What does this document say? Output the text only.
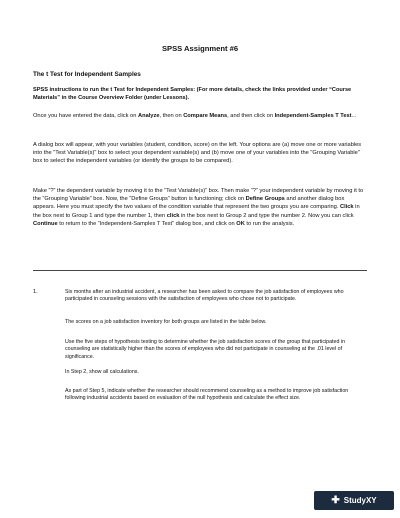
SPSS Assignment #6
The t Test for Independent Samples
SPSS instructions to run the t Test for Independent Samples: (For more details, check the links provided under “Course Materials” in the Course Overview Folder (under Lessons).
Once you have entered the data, click on Analyze, then on Compare Means, and then click on Independent-Samples T Test...
A dialog box will appear, with your variables (student, condition, score) on the left. Your options are (a) move one or more variables into the "Test Variable(s)" box to select your dependent variable(s) and (b) move one of your variables into the "Grouping Variable" box to select the independent variables (or identify the groups to be compared).
Make “?” the dependent variable by moving it to the “Test Variable(s)” box. Then make “?” your independent variable by moving it to the “Grouping Variable” box. Now, the “Define Groups” button is functioning; click on Define Groups and another dialog box appears. Here you must specify the two values of the condition variable that represent the two groups you are comparing. Click in the box next to Group 1 and type the number 1, then click in the box next to Group 2 and type the number 2. Now you can click Continue to return to the “Independent-Samples T Test” dialog box, and click on OK to run the analysis.
1.	Six months after an industrial accident, a researcher has been asked to compare the job satisfaction of employees who participated in counseling sessions with the satisfaction of employees who chose not to participate.
The scores on a job satisfaction inventory for both groups are listed in the table below.
Use the five steps of hypothesis testing to determine whether the job satisfaction scores of the group that participated in counseling are statistically higher than the scores of employees who did not participate in counseling at the .01 level of significance.
In Step 2, show all calculations.
As part of Step 5, indicate whether the researcher should recommend counseling as a method to improve job satisfaction following industrial accidents based on evaluation of the null hypothesis and calculate the effect size.
✚ StudyXY
